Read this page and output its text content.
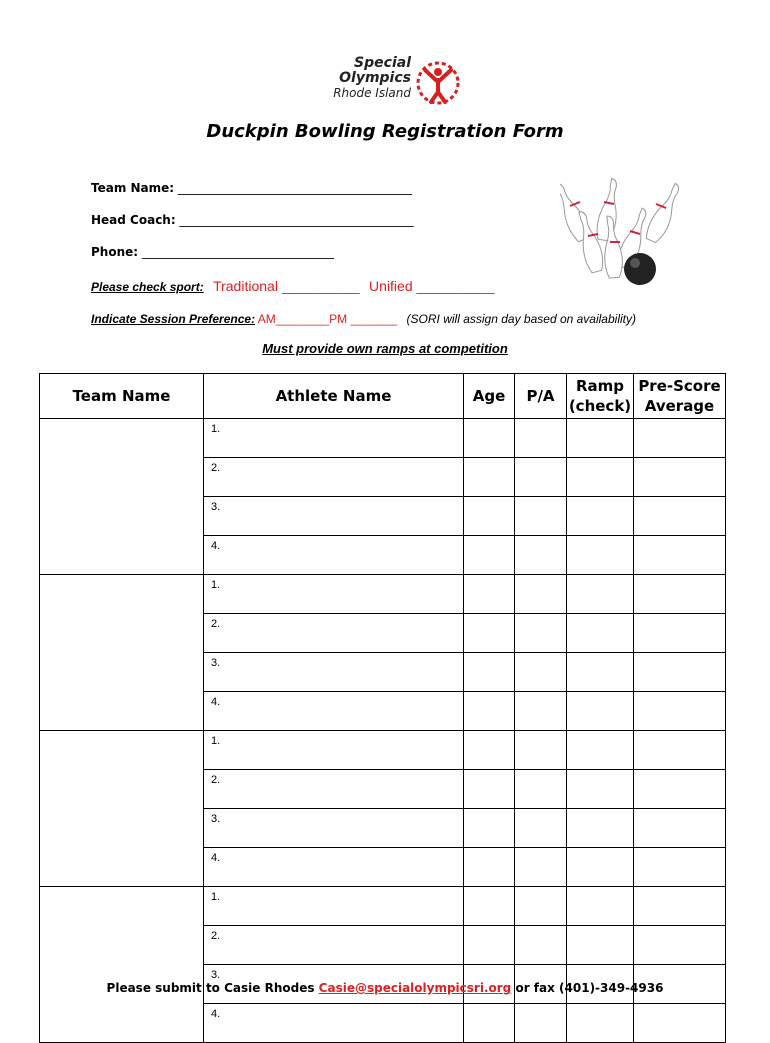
Special
Olympics
Rhode Island
Duckpin Bowling Registration Form
Team Name: _______________________________________
Head Coach: _______________________________________
Phone: ________________________________
Please check sport: Traditional __________ Unified __________
Indicate Session Preference: AM________PM _______ (SORI will assign day based on availability)
Must provide own ramps at competition
Team Name	Athlete Name	Age	P/A	Ramp (check)	Pre-Score Average
	1.				
	2.				
	3.				
	4.				
	1.				
	2.				
	3.				
	4.				
	1.				
	2.				
	3.				
	4.				
	1.				
	2.				
	3.				
	4.				
Please submit to Casie Rhodes Casie@specialolympicsri.org or fax (401)-349-4936
